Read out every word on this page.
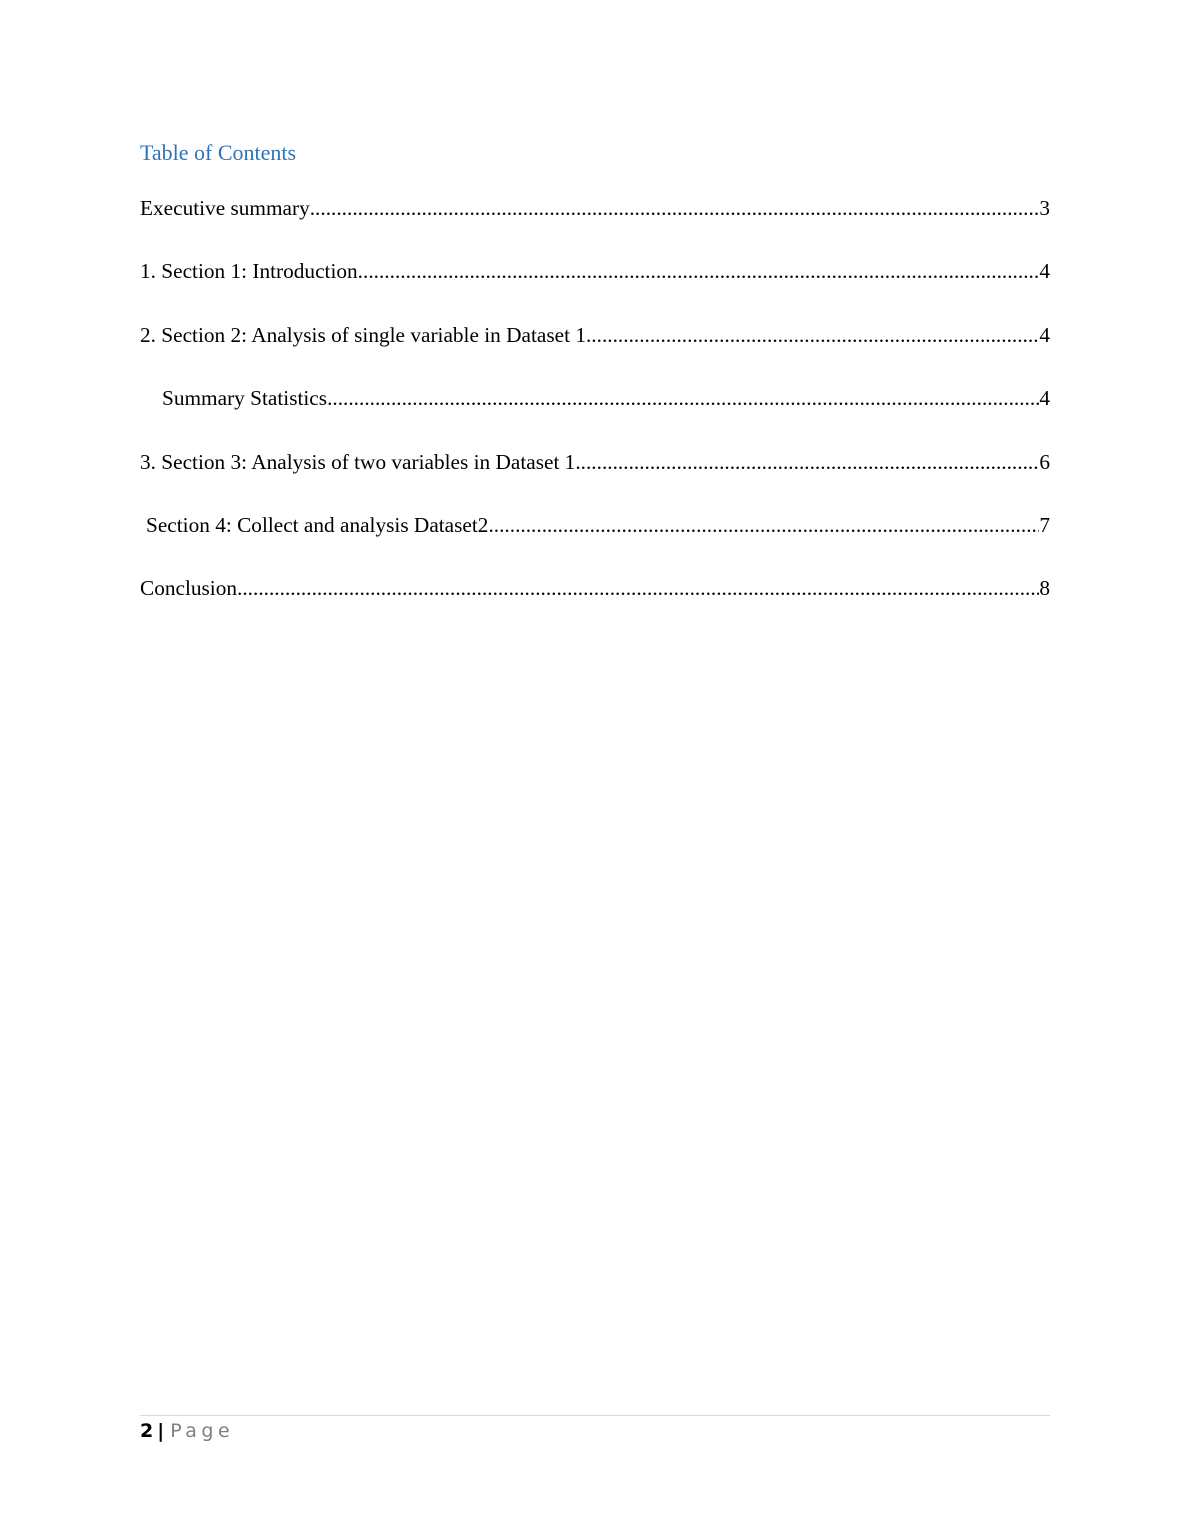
Table of Contents
Executive summary .....	3
1. Section 1: Introduction .....	4
2. Section 2: Analysis of single variable in Dataset 1 .....	4
Summary Statistics .....	4
3. Section 3: Analysis of two variables in Dataset 1 .....	6
Section 4: Collect and analysis Dataset2 .....	7
Conclusion .....	8
2 | Page
